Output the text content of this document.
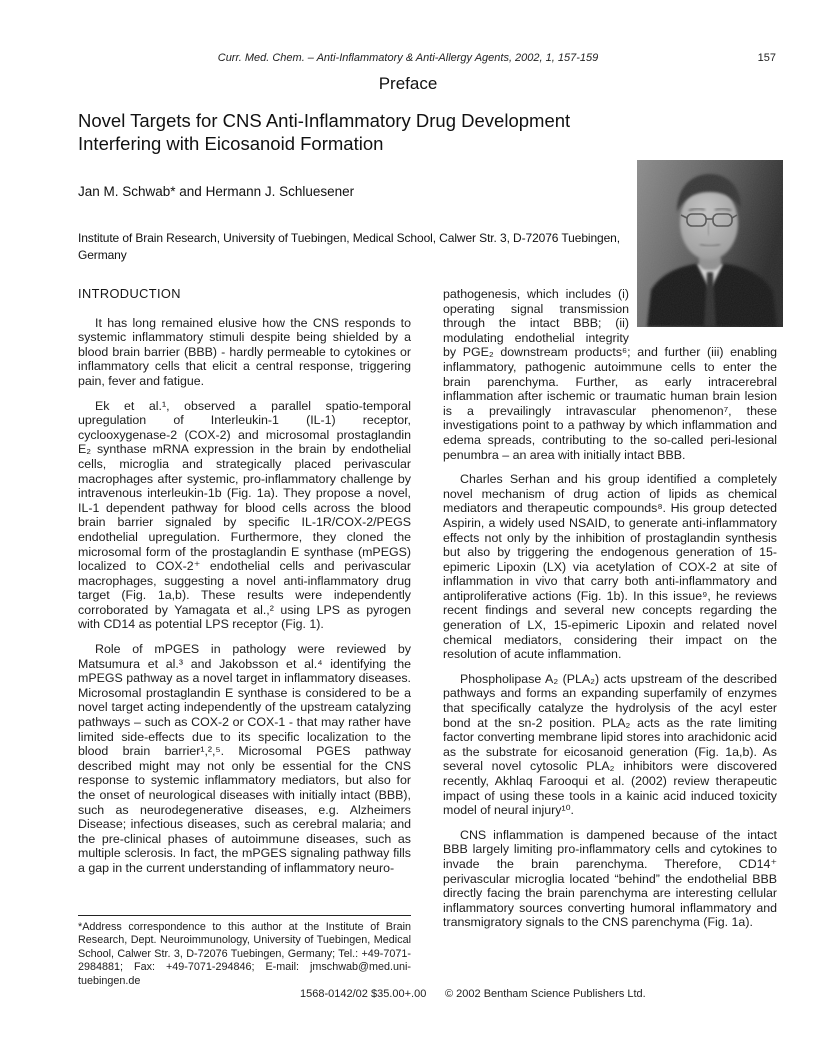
Curr. Med. Chem. – Anti-Inflammatory & Anti-Allergy Agents, 2002, 1, 157-159	157
Preface
Novel Targets for CNS Anti-Inflammatory Drug Development Interfering with Eicosanoid Formation
Jan M. Schwab* and Hermann J. Schluesener
Institute of Brain Research, University of Tuebingen, Medical School, Calwer Str. 3, D-72076 Tuebingen, Germany
INTRODUCTION

It has long remained elusive how the CNS responds to systemic inflammatory stimuli despite being shielded by a blood brain barrier (BBB) - hardly permeable to cytokines or inflammatory cells that elicit a central response, triggering pain, fever and fatigue.

Ek et al.¹, observed a parallel spatio-temporal upregulation of Interleukin-1 (IL-1) receptor, cyclooxygenase-2 (COX-2) and microsomal prostaglandin E₂ synthase mRNA expression in the brain by endothelial cells, microglia and strategically placed perivascular macrophages after systemic, pro-inflammatory challenge by intravenous interleukin-1b (Fig. 1a). They propose a novel, IL-1 dependent pathway for blood cells across the blood brain barrier signaled by specific IL-1R/COX-2/PEGS endothelial upregulation. Furthermore, they cloned the microsomal form of the prostaglandin E synthase (mPEGS) localized to COX-2⁺ endothelial cells and perivascular macrophages, suggesting a novel anti-inflammatory drug target (Fig. 1a,b). These results were independently corroborated by Yamagata et al.,² using LPS as pyrogen with CD14 as potential LPS receptor (Fig. 1).

Role of mPGES in pathology were reviewed by Matsumura et al.³ and Jakobsson et al.⁴ identifying the mPEGS pathway as a novel target in inflammatory diseases. Microsomal prostaglandin E synthase is considered to be a novel target acting independently of the upstream catalyzing pathways – such as COX-2 or COX-1 - that may rather have limited side-effects due to its specific localization to the blood brain barrier¹,²,⁵. Microsomal PGES pathway described might may not only be essential for the CNS response to systemic inflammatory mediators, but also for the onset of neurological diseases with initially intact (BBB), such as neurodegenerative diseases, e.g. Alzheimers Disease; infectious diseases, such as cerebral malaria; and the pre-clinical phases of autoimmune diseases, such as multiple sclerosis. In fact, the mPGES signaling pathway fills a gap in the current understanding of inflammatory neuro-

pathogenesis, which includes (i) operating signal transmission through the intact BBB; (ii) modulating endothelial integrity by PGE₂ downstream products⁶; and further (iii) enabling inflammatory, pathogenic autoimmune cells to enter the brain parenchyma. Further, as early intracerebral inflammation after ischemic or traumatic human brain lesion is a prevailingly intravascular phenomenon⁷, these investigations point to a pathway by which inflammation and edema spreads, contributing to the so-called peri-lesional penumbra – an area with initially intact BBB.

Charles Serhan and his group identified a completely novel mechanism of drug action of lipids as chemical mediators and therapeutic compounds⁸. His group detected Aspirin, a widely used NSAID, to generate anti-inflammatory effects not only by the inhibition of prostaglandin synthesis but also by triggering the endogenous generation of 15-epimeric Lipoxin (LX) via acetylation of COX-2 at site of inflammation in vivo that carry both anti-inflammatory and antiproliferative actions (Fig. 1b). In this issue⁹, he reviews recent findings and several new concepts regarding the generation of LX, 15-epimeric Lipoxin and related novel chemical mediators, considering their impact on the resolution of acute inflammation.

Phospholipase A₂ (PLA₂) acts upstream of the described pathways and forms an expanding superfamily of enzymes that specifically catalyze the hydrolysis of the acyl ester bond at the sn-2 position. PLA₂ acts as the rate limiting factor converting membrane lipid stores into arachidonic acid as the substrate for eicosanoid generation (Fig. 1a,b). As several novel cytosolic PLA₂ inhibitors were discovered recently, Akhlaq Farooqui et al. (2002) review therapeutic impact of using these tools in a kainic acid induced toxicity model of neural injury¹⁰.

CNS inflammation is dampened because of the intact BBB largely limiting pro-inflammatory cells and cytokines to invade the brain parenchyma. Therefore, CD14⁺ perivascular microglia located “behind” the endothelial BBB directly facing the brain parenchyma are interesting cellular inflammatory sources converting humoral inflammatory and transmigratory signals to the CNS parenchyma (Fig. 1a).

*Address correspondence to this author at the Institute of Brain Research, Dept. Neuroimmunology, University of Tuebingen, Medical School, Calwer Str. 3, D-72076 Tuebingen, Germany; Tel.: +49-7071-2984881; Fax: +49-7071-294846; E-mail: jmschwab@med.uni-tuebingen.de

1568-0142/02 $35.00+.00 © 2002 Bentham Science Publishers Ltd.
